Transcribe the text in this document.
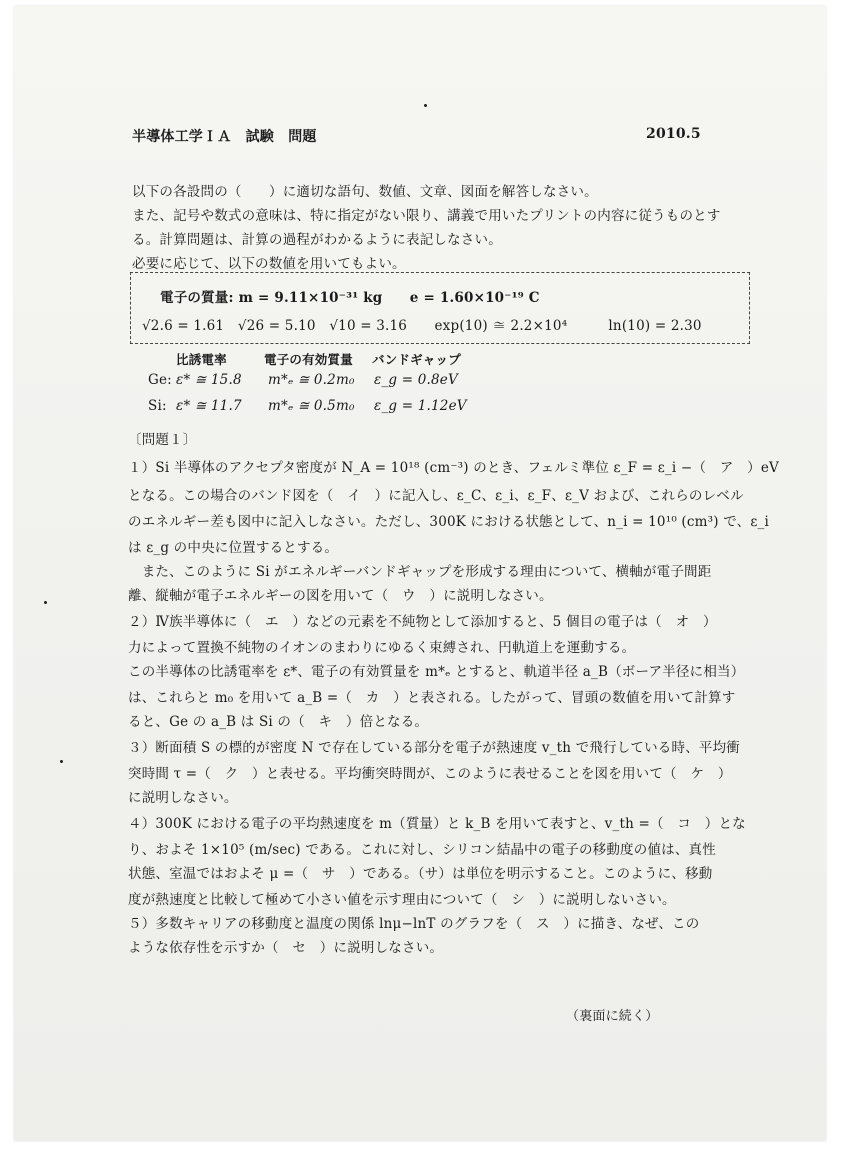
半導体工学ＩＡ　試験　問題	2010.5
以下の各設問の（　　）に適切な語句、数値、文章、図面を解答しなさい。
また、記号や数式の意味は、特に指定がない限り、講義で用いたプリントの内容に従うものとす
る。計算問題は、計算の過程がわかるように表記しなさい。
必要に応じて、以下の数値を用いてもよい。
電子の質量: m = 9.11×10⁻³¹ kg　　e = 1.60×10⁻¹⁹ C
√2.6 = 1.61　√26 = 5.10　√10 = 3.16　　exp(10) ≅ 2.2×10⁴　　　ln(10) = 2.30
比誘電率	電子の有効質量 バンドギャップ
Ge: ε* ≅ 15.8 m*ₑ ≅ 0.2m₀ ε_g = 0.8eV
Si: ε* ≅ 11.7 m*ₑ ≅ 0.5m₀ ε_g = 1.12eV
〔問題１〕
１）Si 半導体のアクセプタ密度が N_A = 10¹⁸ (cm⁻³) のとき、フェルミ準位 ε_F = ε_i −（　ア　）eV
となる。この場合のバンド図を（　イ　）に記入し、ε_C、ε_i、ε_F、ε_V および、これらのレベル
のエネルギー差も図中に記入しなさい。ただし、300K における状態として、n_i = 10¹⁰ (cm³) で、ε_i
は ε_g の中央に位置するとする。
　また、このように Si がエネルギーバンドギャップを形成する理由について、横軸が電子間距
離、縦軸が電子エネルギーの図を用いて（　ウ　）に説明しなさい。
２）Ⅳ族半導体に（　エ　）などの元素を不純物として添加すると、5 個目の電子は（　オ　）
力によって置換不純物のイオンのまわりにゆるく束縛され、円軌道上を運動する。
この半導体の比誘電率を ε*、電子の有効質量を m*ₑ とすると、軌道半径 a_B（ボーア半径に相当）
は、これらと m₀ を用いて a_B =（　カ　）と表される。したがって、冒頭の数値を用いて計算す
ると、Ge の a_B は Si の（　キ　）倍となる。
３）断面積 S の標的が密度 N で存在している部分を電子が熱速度 v_th で飛行している時、平均衝
突時間 τ =（　ク　）と表せる。平均衝突時間が、このように表せることを図を用いて（　ケ　）
に説明しなさい。
４）300K における電子の平均熱速度を m（質量）と k_B を用いて表すと、v_th =（　コ　）とな
り、およそ 1×10⁵ (m/sec) である。これに対し、シリコン結晶中の電子の移動度の値は、真性
状態、室温ではおよそ μ =（　サ　）である。（サ）は単位を明示すること。このように、移動
度が熱速度と比較して極めて小さい値を示す理由について（　シ　）に説明しないさい。
５）多数キャリアの移動度と温度の関係 lnμ−lnT のグラフを（　ス　）に描き、なぜ、この
ような依存性を示すか（　セ　）に説明しなさい。
（裏面に続く）
